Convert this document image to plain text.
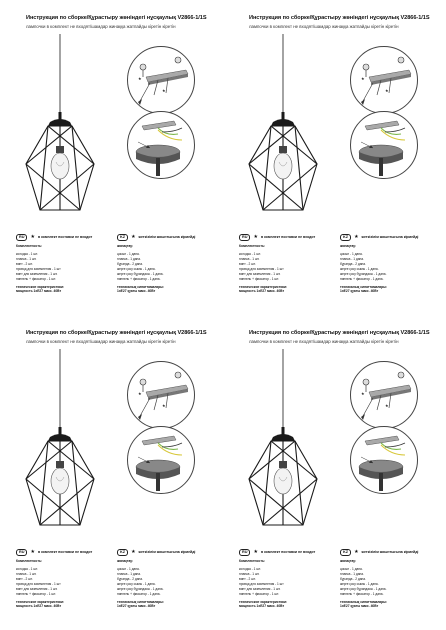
Инструкция по сборке/Құрастыру жөніндегі нұсқаулық V2866-1/1S
лампочки в комплект не входят/шамдар жинаққа жатпайды кіретін кіретін
★
★
RU	★ в комплект поставки не входит
Комплектность:
колодка - 1 шт.
планка - 1 шт.
винт - 2 шт.
провод для заземления - 1 шт
винт для заземления - 1 шт.
ниппель + фиксатор - 1 шт.
технические характеристики:
мощность 1хE27 макс. 40Вт
KZ	★ жеткізілім жиынтығына кірмейді
жинақтау:
цокыл - 1 дана.
планка - 1 дана.
бұранда - 2 дана.
жерге қосу сымы - 1 дана.
жерге қосу бұрандасы - 1 дана.
ниппель + фиксатор - 1 дана.
техникалық сипаттамалары:
1хE27 қуаты макс. 40Вт
Инструкция по сборке/Құрастыру жөніндегі нұсқаулық V2866-1/1S
лампочки в комплект не входят/шамдар жинаққа жатпайды кіретін кіретін
★
★
RU	★ в комплект поставки не входит
Комплектность:
колодка - 1 шт.
планка - 1 шт.
винт - 2 шт.
провод для заземления - 1 шт
винт для заземления - 1 шт.
ниппель + фиксатор - 1 шт.
технические характеристики:
мощность 1хE27 макс. 40Вт
KZ	★ жеткізілім жиынтығына кірмейді
жинақтау:
цокыл - 1 дана.
планка - 1 дана.
бұранда - 2 дана.
жерге қосу сымы - 1 дана.
жерге қосу бұрандасы - 1 дана.
ниппель + фиксатор - 1 дана.
техникалық сипаттамалары:
1хE27 қуаты макс. 40Вт
Инструкция по сборке/Құрастыру жөніндегі нұсқаулық V2866-1/1S
лампочки в комплект не входят/шамдар жинаққа жатпайды кіретін кіретін
★
★
RU	★ в комплект поставки не входит
Комплектность:
колодка - 1 шт.
планка - 1 шт.
винт - 2 шт.
провод для заземления - 1 шт
винт для заземления - 1 шт.
ниппель + фиксатор - 1 шт.
технические характеристики:
мощность 1хE27 макс. 40Вт
KZ	★ жеткізілім жиынтығына кірмейді
жинақтау:
цокыл - 1 дана.
планка - 1 дана.
бұранда - 2 дана.
жерге қосу сымы - 1 дана.
жерге қосу бұрандасы - 1 дана.
ниппель + фиксатор - 1 дана.
техникалық сипаттамалары:
1хE27 қуаты макс. 40Вт
Инструкция по сборке/Құрастыру жөніндегі нұсқаулық V2866-1/1S
лампочки в комплект не входят/шамдар жинаққа жатпайды кіретін кіретін
★
★
RU	★ в комплект поставки не входит
Комплектность:
колодка - 1 шт.
планка - 1 шт.
винт - 2 шт.
провод для заземления - 1 шт
винт для заземления - 1 шт.
ниппель + фиксатор - 1 шт.
технические характеристики:
мощность 1хE27 макс. 40Вт
KZ	★ жеткізілім жиынтығына кірмейді
жинақтау:
цокыл - 1 дана.
планка - 1 дана.
бұранда - 2 дана.
жерге қосу сымы - 1 дана.
жерге қосу бұрандасы - 1 дана.
ниппель + фиксатор - 1 дана.
техникалық сипаттамалары:
1хE27 қуаты макс. 40Вт
